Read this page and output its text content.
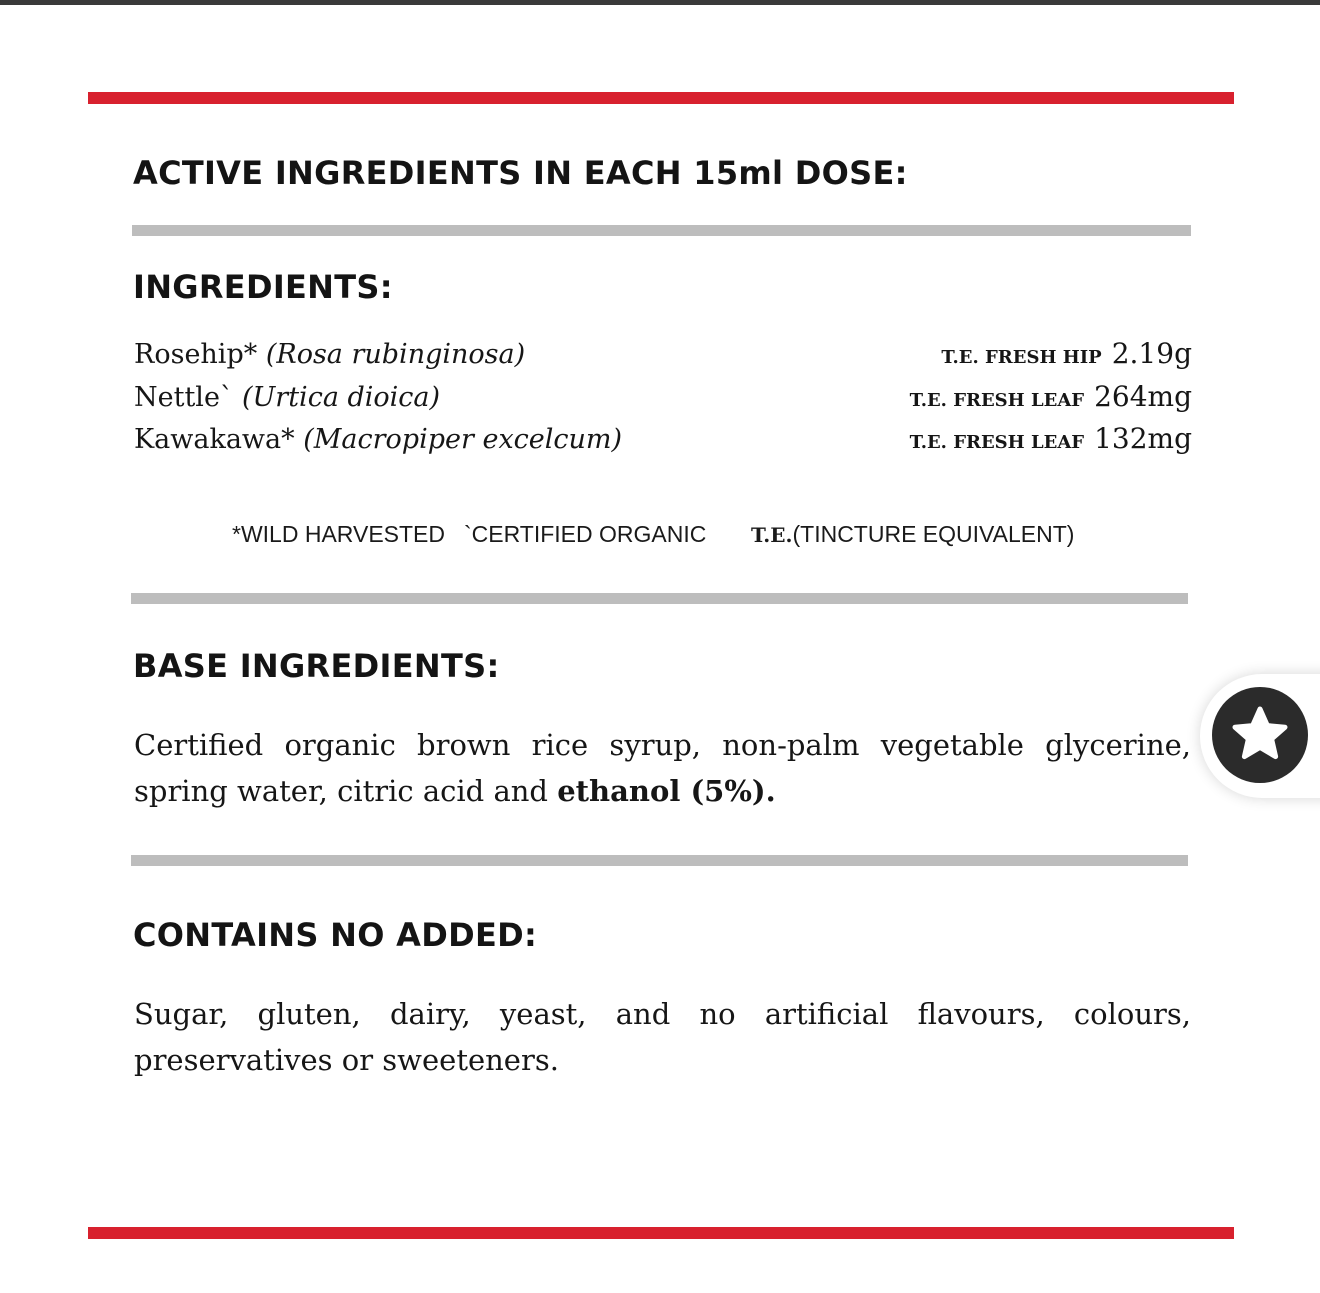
ACTIVE INGREDIENTS IN EACH 15ml DOSE:
INGREDIENTS:
Rosehip* (Rosa rubinginosa)	T.E. FRESH HIP 2.19g
Nettle` (Urtica dioica)	T.E. FRESH LEAF 264mg
Kawakawa* (Macropiper excelcum)	T.E. FRESH LEAF 132mg
*WILD HARVESTED `CERTIFIED ORGANIC T.E.(TINCTURE EQUIVALENT)
BASE INGREDIENTS:

Certified organic brown rice syrup, non-palm vegetable glycerine,

spring water, citric acid and ethanol (5%).

CONTAINS NO ADDED:

Sugar, gluten, dairy, yeast, and no artificial flavours, colours,

preservatives or sweeteners.
